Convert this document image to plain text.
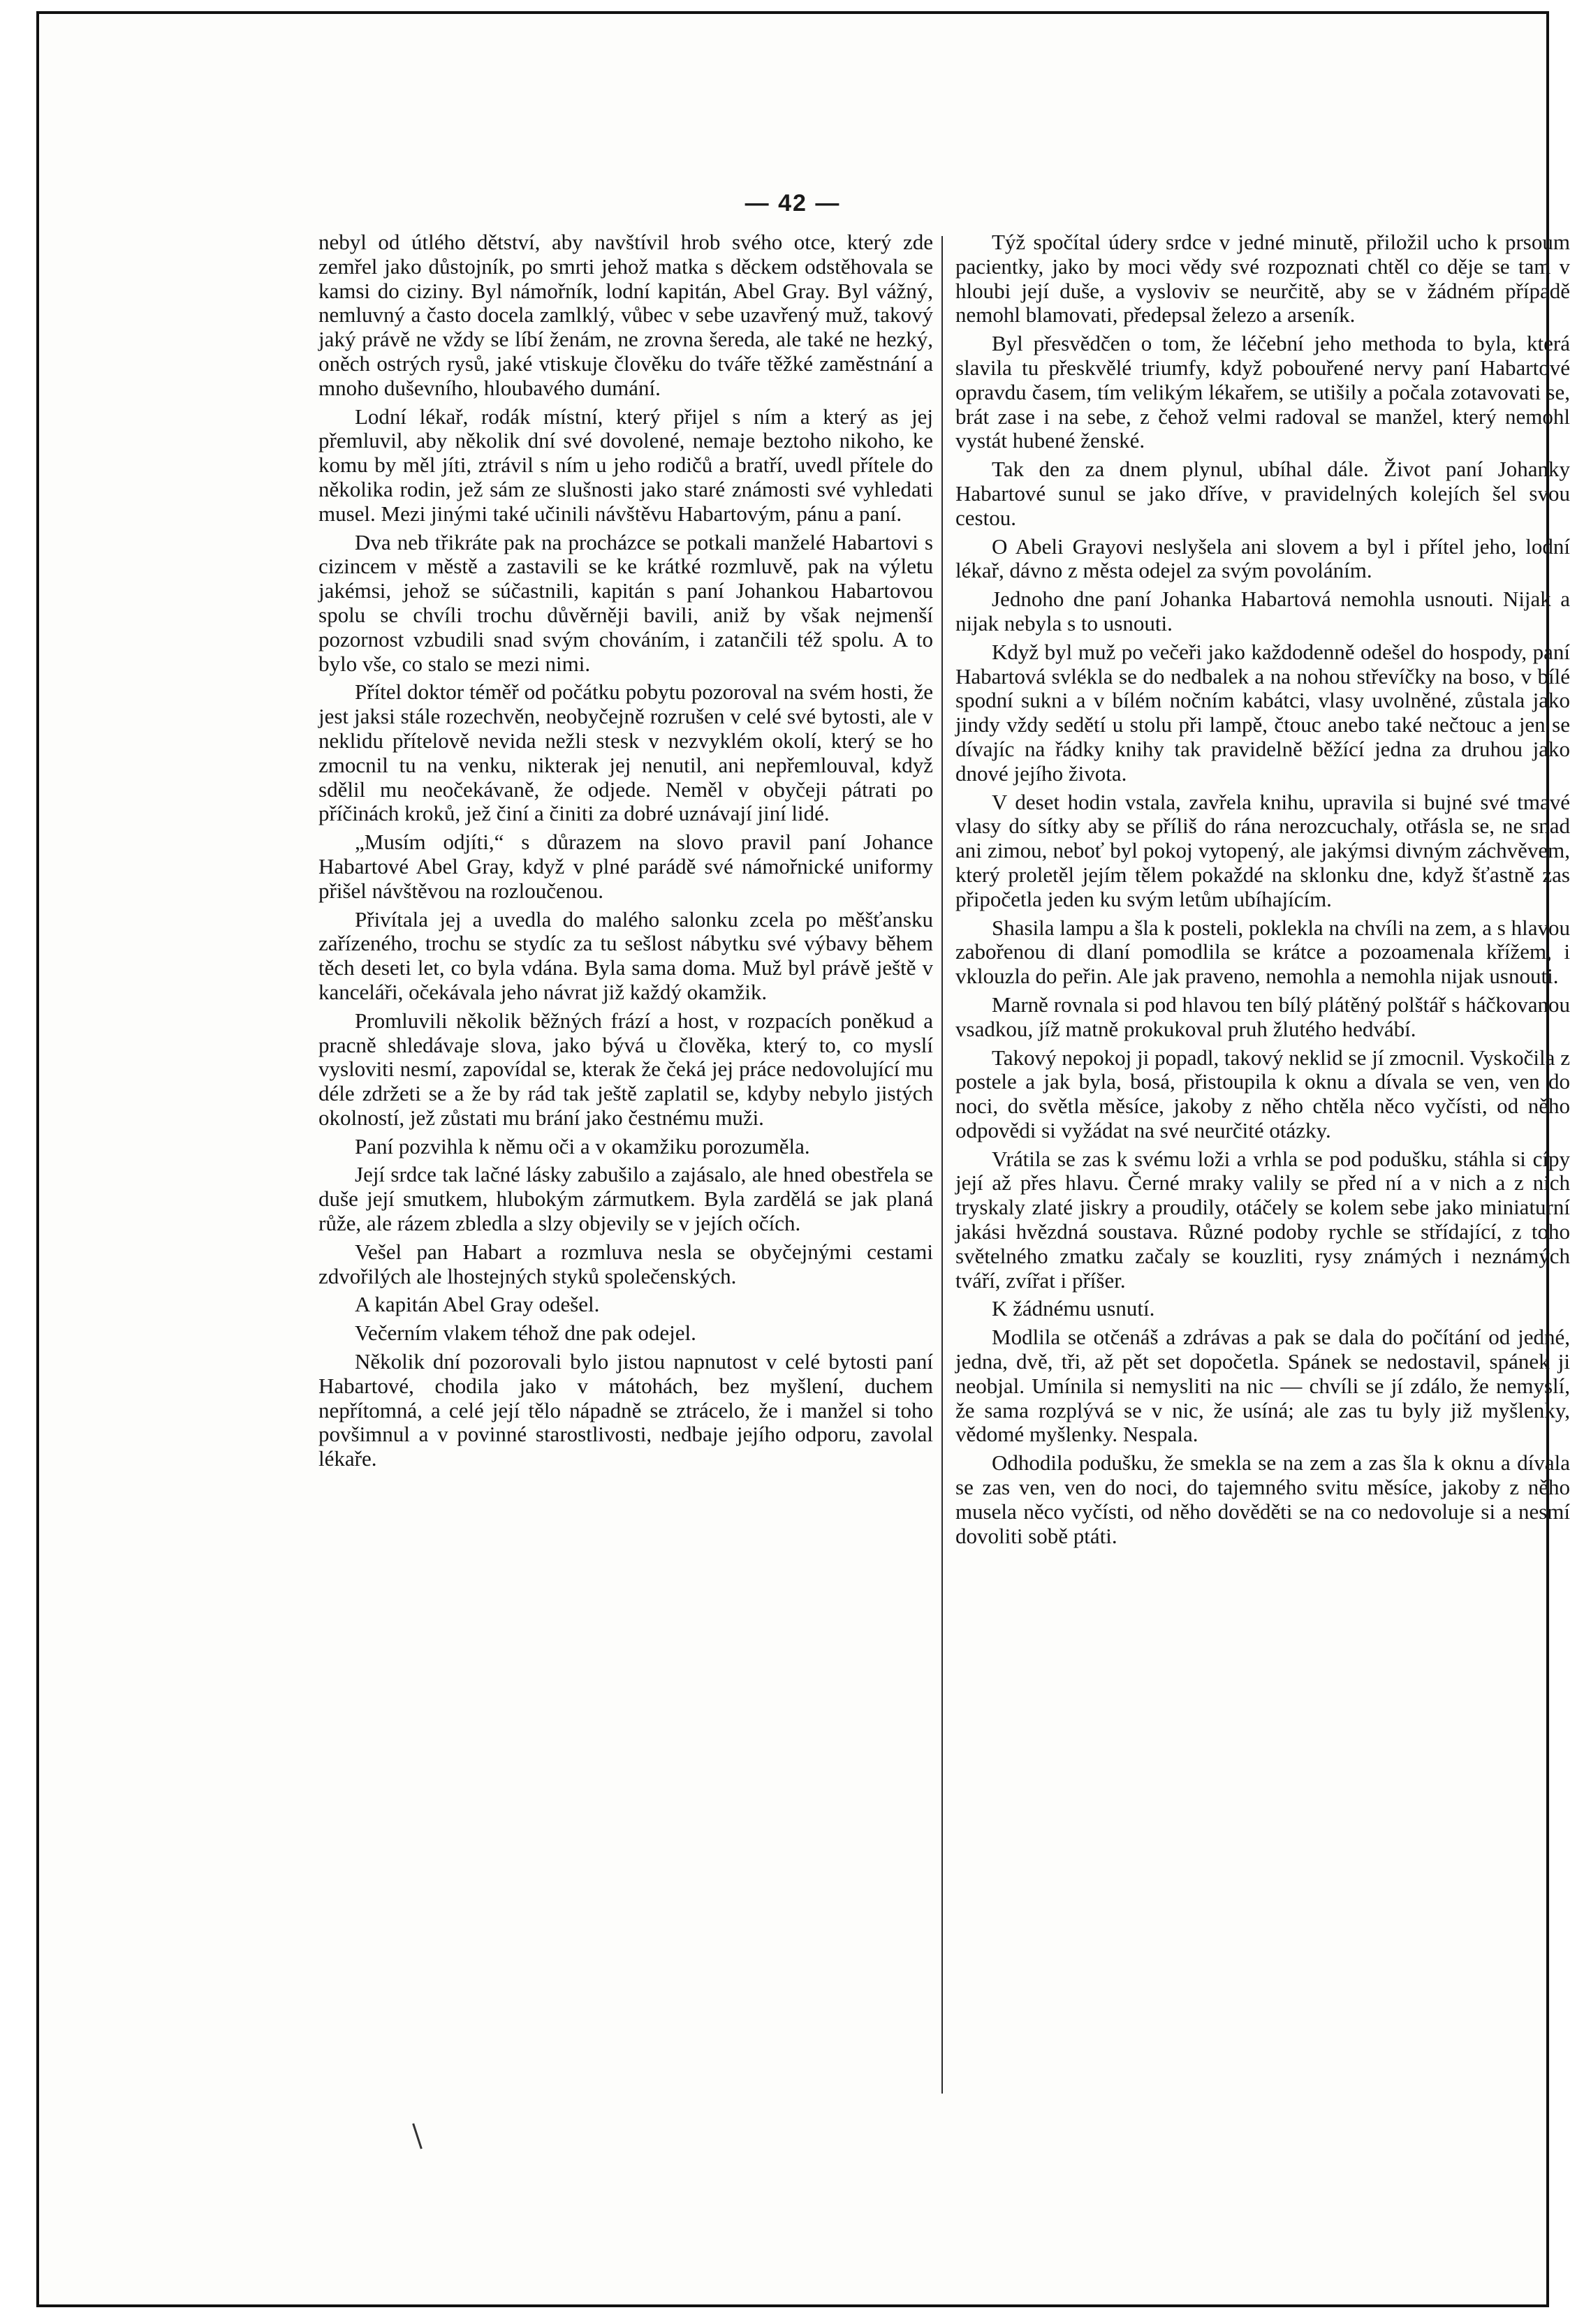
— 42 —

nebyl od útlého dětství, aby navštívil hrob svého otce, který zde zemřel jako důstojník, po smrti jehož matka s děckem odstěhovala se kamsi do ciziny. Byl námořník, lodní kapitán, Abel Gray. Byl vážný, nemluvný a často docela zamlklý, vůbec v sebe uzavřený muž, takový jaký právě ne vždy se líbí ženám, ne zrovna šereda, ale také ne hezký, oněch ostrých rysů, jaké vtiskuje člověku do tváře těžké zaměstnání a mnoho duševního, hloubavého dumání.

Lodní lékař, rodák místní, který přijel s ním a který as jej přemluvil, aby několik dní své dovolené, nemaje beztoho nikoho, ke komu by měl jíti, ztrávil s ním u jeho rodičů a bratří, uvedl přítele do několika rodin, jež sám ze slušnosti jako staré známosti své vyhledati musel. Mezi jinými také učinili návštěvu Habartovým, pánu a paní.

Dva neb třikráte pak na procházce se potkali manželé Habartovi s cizincem v městě a zastavili se ke krátké rozmluvě, pak na výletu jakémsi, jehož se súčastnili, kapitán s paní Johankou Habartovou spolu se chvíli trochu důvěrněji bavili, aniž by však nejmenší pozornost vzbudili snad svým chováním, i zatančili též spolu. A to bylo vše, co stalo se mezi nimi.

Přítel doktor téměř od počátku pobytu pozoroval na svém hosti, že jest jaksi stále rozechvěn, neobyčejně rozrušen v celé své bytosti, ale v neklidu přítelově nevida nežli stesk v nezvyklém okolí, který se ho zmocnil tu na venku, nikterak jej nenutil, ani nepřemlouval, když sdělil mu neočekávaně, že odjede. Neměl v obyčeji pátrati po příčinách kroků, jež činí a činiti za dobré uznávají jiní lidé.

„Musím odjíti,“ s důrazem na slovo pravil paní Johance Habartové Abel Gray, když v plné parádě své námořnické uniformy přišel návštěvou na rozloučenou.

Přivítala jej a uvedla do malého salonku zcela po měšťansku zařízeného, trochu se stydíc za tu sešlost nábytku své výbavy během těch deseti let, co byla vdána. Byla sama doma. Muž byl právě ještě v kanceláři, očekávala jeho návrat již každý okamžik.

Promluvili několik běžných frází a host, v rozpacích poněkud a pracně shledávaje slova, jako bývá u člověka, který to, co myslí vysloviti nesmí, zapovídal se, kterak že čeká jej práce nedovolující mu déle zdržeti se a že by rád tak ještě zaplatil se, kdyby nebylo jistých okolností, jež zůstati mu brání jako čestnému muži.

Paní pozvihla k němu oči a v okamžiku porozuměla.

Její srdce tak lačné lásky zabušilo a zajásalo, ale hned obestřela se duše její smutkem, hlubokým zármutkem. Byla zardělá se jak planá růže, ale rázem zbledla a slzy objevily se v jejích očích.

Vešel pan Habart a rozmluva nesla se obyčejnými cestami zdvořilých ale lhostejných styků společenských.

A kapitán Abel Gray odešel.

Večerním vlakem téhož dne pak odejel.

Několik dní pozorovali bylo jistou napnutost v celé bytosti paní Habartové, chodila jako v mátohách, bez myšlení, duchem nepřítomná, a celé její tělo nápadně se ztrácelo, že i manžel si toho povšimnul a v povinné starostlivosti, nedbaje jejího odporu, zavolal lékaře.

Týž spočítal údery srdce v jedné minutě, přiložil ucho k prsoum pacientky, jako by moci vědy své rozpoznati chtěl co děje se tam v hloubi její duše, a vysloviv se neurčitě, aby se v žádném případě nemohl blamovati, předepsal železo a arseník.

Byl přesvědčen o tom, že léčební jeho methoda to byla, která slavila tu přeskvělé triumfy, když pobouřené nervy paní Habartové opravdu časem, tím velikým lékařem, se utišily a počala zotavovati se, brát zase i na sebe, z čehož velmi radoval se manžel, který nemohl vystát hubené ženské.

Tak den za dnem plynul, ubíhal dále. Život paní Johanky Habartové sunul se jako dříve, v pravidelných kolejích šel svou cestou.

O Abeli Grayovi neslyšela ani slovem a byl i přítel jeho, lodní lékař, dávno z města odejel za svým povoláním.

Jednoho dne paní Johanka Habartová nemohla usnouti. Nijak a nijak nebyla s to usnouti.

Když byl muž po večeři jako každodenně odešel do hospody, paní Habartová svlékla se do nedbalek a na nohou střevíčky na boso, v bílé spodní sukni a v bílém nočním kabátci, vlasy uvolněné, zůstala jako jindy vždy sedětí u stolu při lampě, čtouc anebo také nečtouc a jen se dívajíc na řádky knihy tak pravidelně běžící jedna za druhou jako dnové jejího života.

V deset hodin vstala, zavřela knihu, upravila si bujné své tmavé vlasy do sítky aby se příliš do rána nerozcuchaly, otřásla se, ne snad ani zimou, neboť byl pokoj vytopený, ale jakýmsi divným záchvěvem, který proletěl jejím tělem pokaždé na sklonku dne, když šťastně zas připočetla jeden ku svým letům ubíhajícím.

Shasila lampu a šla k posteli, poklekla na chvíli na zem, a s hlavou zabořenou di dlaní pomodlila se krátce a pozoamenala křížem, i vklouzla do peřin. Ale jak praveno, nemohla a nemohla nijak usnouti.

Marně rovnala si pod hlavou ten bílý plátěný polštář s háčkovanou vsadkou, jíž matně prokukoval pruh žlutého hedvábí.

Takový nepokoj ji popadl, takový neklid se jí zmocnil. Vyskočila z postele a jak byla, bosá, přistoupila k oknu a dívala se ven, ven do noci, do světla měsíce, jakoby z něho chtěla něco vyčísti, od něho odpovědi si vyžádat na své neurčité otázky.

Vrátila se zas k svému loži a vrhla se pod podušku, stáhla si cípy její až přes hlavu. Černé mraky valily se před ní a v nich a z nich tryskaly zlaté jiskry a proudily, otáčely se kolem sebe jako miniaturní jakási hvězdná soustava. Různé podoby rychle se střídající, z toho světelného zmatku začaly se kouzliti, rysy známých i neznámých tváří, zvířat i příšer.

K žádnému usnutí.

Modlila se otčenáš a zdrávas a pak se dala do počítání od jedné, jedna, dvě, tři, až pět set dopočetla. Spánek se nedostavil, spánek ji neobjal. Umínila si nemysliti na nic — chvíli se jí zdálo, že nemyslí, že sama rozplývá se v nic, že usíná; ale zas tu byly již myšlenky, vědomé myšlenky. Nespala.

Odhodila podušku, že smekla se na zem a zas šla k oknu a dívala se zas ven, ven do noci, do tajemného svitu měsíce, jakoby z něho musela něco vyčísti, od něho dověděti se na co nedovoluje si a nesmí dovoliti sobě ptáti.
